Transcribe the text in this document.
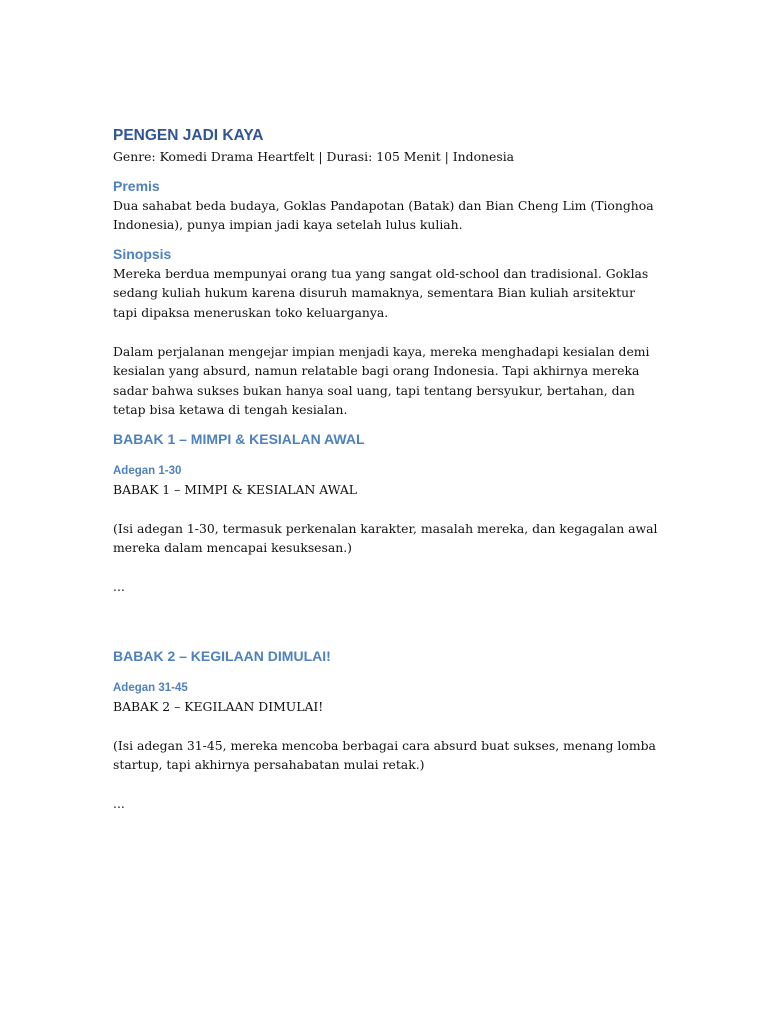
PENGEN JADI KAYA

Genre: Komedi Drama Heartfelt | Durasi: 105 Menit | Indonesia

Premis

Dua sahabat beda budaya, Goklas Pandapotan (Batak) dan Bian Cheng Lim (Tionghoa Indonesia), punya impian jadi kaya setelah lulus kuliah.

Sinopsis

Mereka berdua mempunyai orang tua yang sangat old-school dan tradisional. Goklas sedang kuliah hukum karena disuruh mamaknya, sementara Bian kuliah arsitektur tapi dipaksa meneruskan toko keluarganya.

Dalam perjalanan mengejar impian menjadi kaya, mereka menghadapi kesialan demi kesialan yang absurd, namun relatable bagi orang Indonesia. Tapi akhirnya mereka sadar bahwa sukses bukan hanya soal uang, tapi tentang bersyukur, bertahan, dan tetap bisa ketawa di tengah kesialan.

BABAK 1 – MIMPI & KESIALAN AWAL
Adegan 1-30

BABAK 1 – MIMPI & KESIALAN AWAL

(Isi adegan 1-30, termasuk perkenalan karakter, masalah mereka, dan kegagalan awal mereka dalam mencapai kesuksesan.)

...

BABAK 2 – KEGILAAN DIMULAI!
Adegan 31-45

BABAK 2 – KEGILAAN DIMULAI!

(Isi adegan 31-45, mereka mencoba berbagai cara absurd buat sukses, menang lomba startup, tapi akhirnya persahabatan mulai retak.)

...
